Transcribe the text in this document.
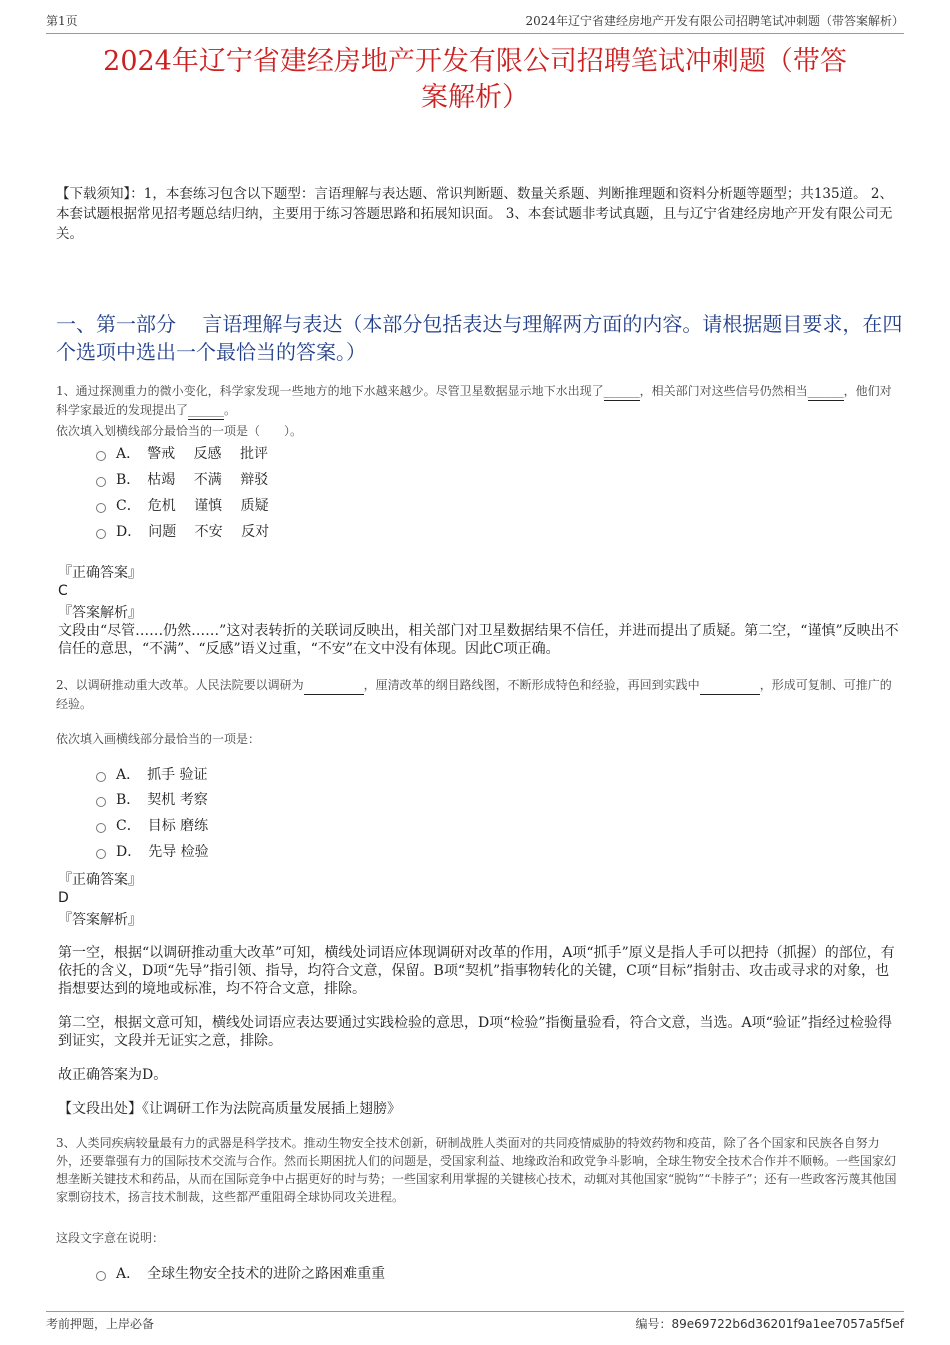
第1页	2024年辽宁省建经房地产开发有限公司招聘笔试冲刺题（带答案解析）
2024年辽宁省建经房地产开发有限公司招聘笔试冲刺题（带答
案解析）
【下载须知】：1，本套练习包含以下题型：言语理解与表达题、常识判断题、数量关系题、判断推理题和资料分析题等题型；共135道。 2、本套试题根据常见招考题总结归纳，主要用于练习答题思路和拓展知识面。 3、本套试题非考试真题，且与辽宁省建经房地产开发有限公司无关。
一、第一部分　 言语理解与表达（本部分包括表达与理解两方面的内容。请根据题目要求，在四个选项中选出一个最恰当的答案。）
1、通过探测重力的微小变化，科学家发现一些地方的地下水越来越少。尽管卫星数据显示地下水出现了______，相关部门对这些信号仍然相当______，他们对科学家最近的发现提出了______。
依次填入划横线部分最恰当的一项是（　　）。
A．　警戒　 反感　 批评
B．　枯竭　 不满　 辩驳
C．　危机　 谨慎　 质疑
D．　问题　 不安　 反对
『正确答案』
C
『答案解析』
文段由“尽管……仍然……”这对表转折的关联词反映出，相关部门对卫星数据结果不信任，并进而提出了质疑。第二空，“谨慎”反映出不信任的意思，“不满”、“反感”语义过重，“不安”在文中没有体现。因此C项正确。
2、以调研推动重大改革。人民法院要以调研为　　　　　	，厘清改革的纲目路线图，不断形成特色和经验，再回到实践中　　　　　	，形成可复制、可推广的经验。
依次填入画横线部分最恰当的一项是：
A．　抓手 验证
B．　契机 考察
C．　目标 磨练
D．　先导 检验
『正确答案』
D
『答案解析』
第一空，根据“以调研推动重大改革”可知，横线处词语应体现调研对改革的作用，A项“抓手”原义是指人手可以把持（抓握）的部位，有依托的含义，D项“先导”指引领、指导，均符合文意，保留。B项“契机”指事物转化的关键，C项“目标”指射击、攻击或寻求的对象，也指想要达到的境地或标准，均不符合文意，排除。
第二空，根据文意可知，横线处词语应表达要通过实践检验的意思，D项“检验”指衡量验看，符合文意，当选。A项“验证”指经过检验得到证实，文段并无证实之意，排除。
故正确答案为D。
【文段出处】《让调研工作为法院高质量发展插上翅膀》
3、人类同疾病较量最有力的武器是科学技术。推动生物安全技术创新，研制战胜人类面对的共同疫情威胁的特效药物和疫苗，除了各个国家和民族各自努力外，还要靠强有力的国际技术交流与合作。然而长期困扰人们的问题是，受国家利益、地缘政治和政党争斗影响，全球生物安全技术合作并不顺畅。一些国家幻想垄断关键技术和药品，从而在国际竞争中占据更好的时与势；一些国家利用掌握的关键核心技术，动辄对其他国家“脱钩”“卡脖子”；还有一些政客污蔑其他国家剽窃技术，扬言技术制裁，这些都严重阻碍全球协同攻关进程。
这段文字意在说明：
A．　全球生物安全技术的进阶之路困难重重
考前押题，上岸必备	编号：89e69722b6d36201f9a1ee7057a5f5ef
